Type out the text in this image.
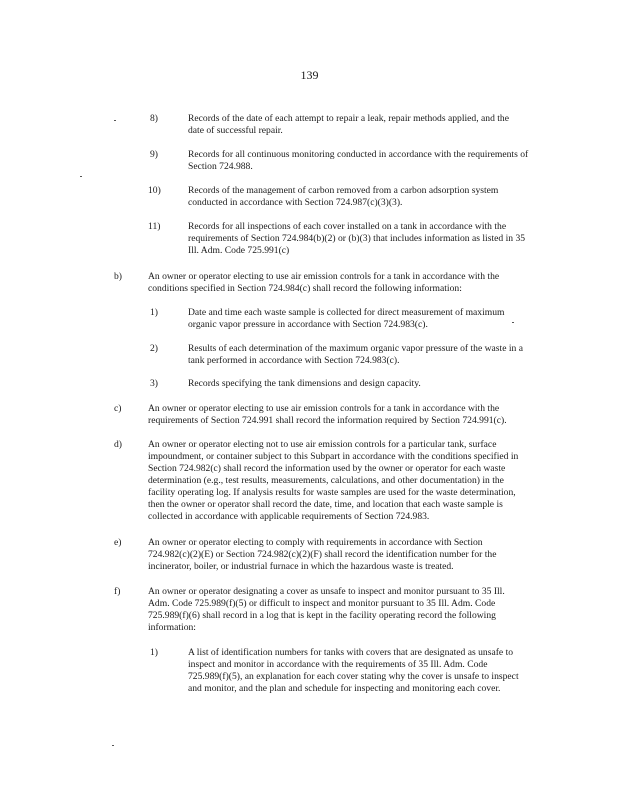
139
8)	Records of the date of each attempt to repair a leak, repair methods applied, and the
date of successful repair.
9)	Records for all continuous monitoring conducted in accordance with the requirements of
Section 724.988.
10)	Records of the management of carbon removed from a carbon adsorption system
conducted in accordance with Section 724.987(c)(3)(3).
11)	Records for all inspections of each cover installed on a tank in accordance with the
requirements of Section 724.984(b)(2) or (b)(3) that includes information as listed in 35
Ill. Adm. Code 725.991(c)
b)	An owner or operator electing to use air emission controls for a tank in accordance with the
conditions specified in Section 724.984(c) shall record the following information:
1)	Date and time each waste sample is collected for direct measurement of maximum
organic vapor pressure in accordance with Section 724.983(c).
2)	Results of each determination of the maximum organic vapor pressure of the waste in a
tank performed in accordance with Section 724.983(c).
3)	Records specifying the tank dimensions and design capacity.
c)	An owner or operator electing to use air emission controls for a tank in accordance with the
requirements of Section 724.991 shall record the information required by Section 724.991(c).
d)	An owner or operator electing not to use air emission controls for a particular tank, surface
impoundment, or container subject to this Subpart in accordance with the conditions specified in
Section 724.982(c) shall record the information used by the owner or operator for each waste
determination (e.g., test results, measurements, calculations, and other documentation) in the
facility operating log. If analysis results for waste samples are used for the waste determination,
then the owner or operator shall record the date, time, and location that each waste sample is
collected in accordance with applicable requirements of Section 724.983.
e)	An owner or operator electing to comply with requirements in accordance with Section
724.982(c)(2)(E) or Section 724.982(c)(2)(F) shall record the identification number for the
incinerator, boiler, or industrial furnace in which the hazardous waste is treated.
f)	An owner or operator designating a cover as unsafe to inspect and monitor pursuant to 35 Ill.
Adm. Code 725.989(f)(5) or difficult to inspect and monitor pursuant to 35 Ill. Adm. Code
725.989(f)(6) shall record in a log that is kept in the facility operating record the following
information:
1)	A list of identification numbers for tanks with covers that are designated as unsafe to
inspect and monitor in accordance with the requirements of 35 Ill. Adm. Code
725.989(f)(5), an explanation for each cover stating why the cover is unsafe to inspect
and monitor, and the plan and schedule for inspecting and monitoring each cover.
